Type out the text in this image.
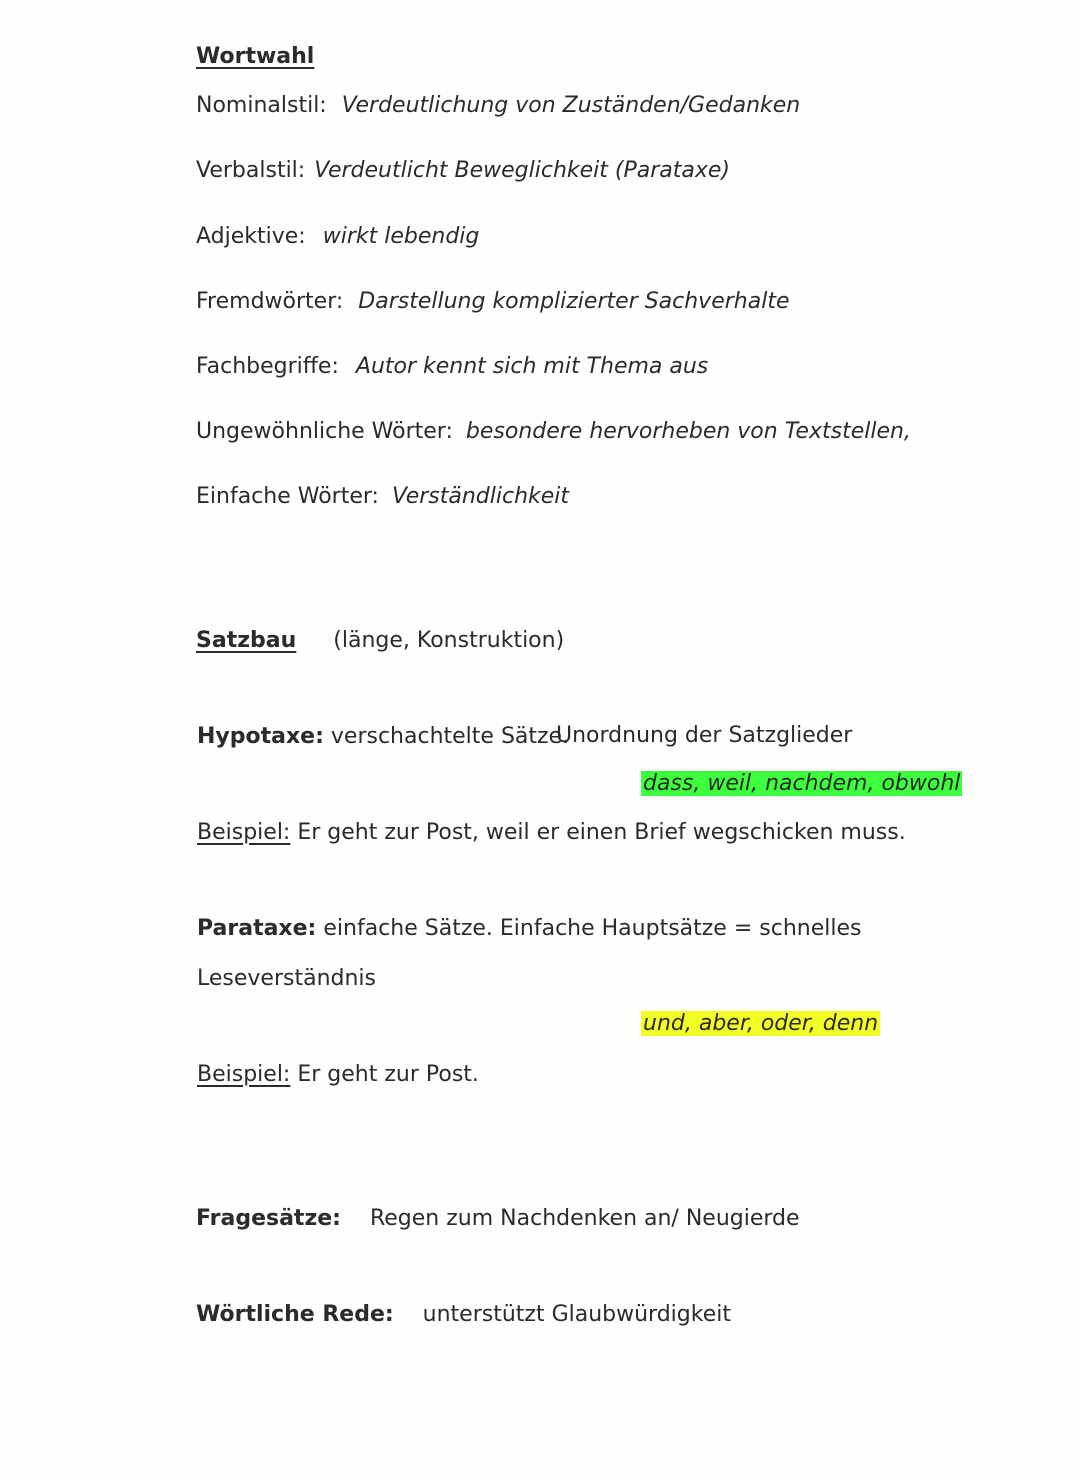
Wortwahl
Nominalstil: Verdeutlichung von Zuständen/Gedanken
Verbalstil: Verdeutlicht Beweglichkeit (Parataxe)
Adjektive: wirkt lebendig
Fremdwörter: Darstellung komplizierter Sachverhalte
Fachbegriffe: Autor kennt sich mit Thema aus
Ungewöhnliche Wörter: besondere hervorheben von Textstellen,
Einfache Wörter: Verständlichkeit
Satzbau (länge, Konstruktion)
Hypotaxe: verschachtelte Sätze.
Unordnung der Satzglieder
dass, weil, nachdem, obwohl
Beispiel: Er geht zur Post, weil er einen Brief wegschicken muss.
Parataxe: einfache Sätze. Einfache Hauptsätze = schnelles
Leseverständnis
und, aber, oder, denn
Beispiel: Er geht zur Post.
Fragesätze: Regen zum Nachdenken an/ Neugierde
Wörtliche Rede: unterstützt Glaubwürdigkeit
